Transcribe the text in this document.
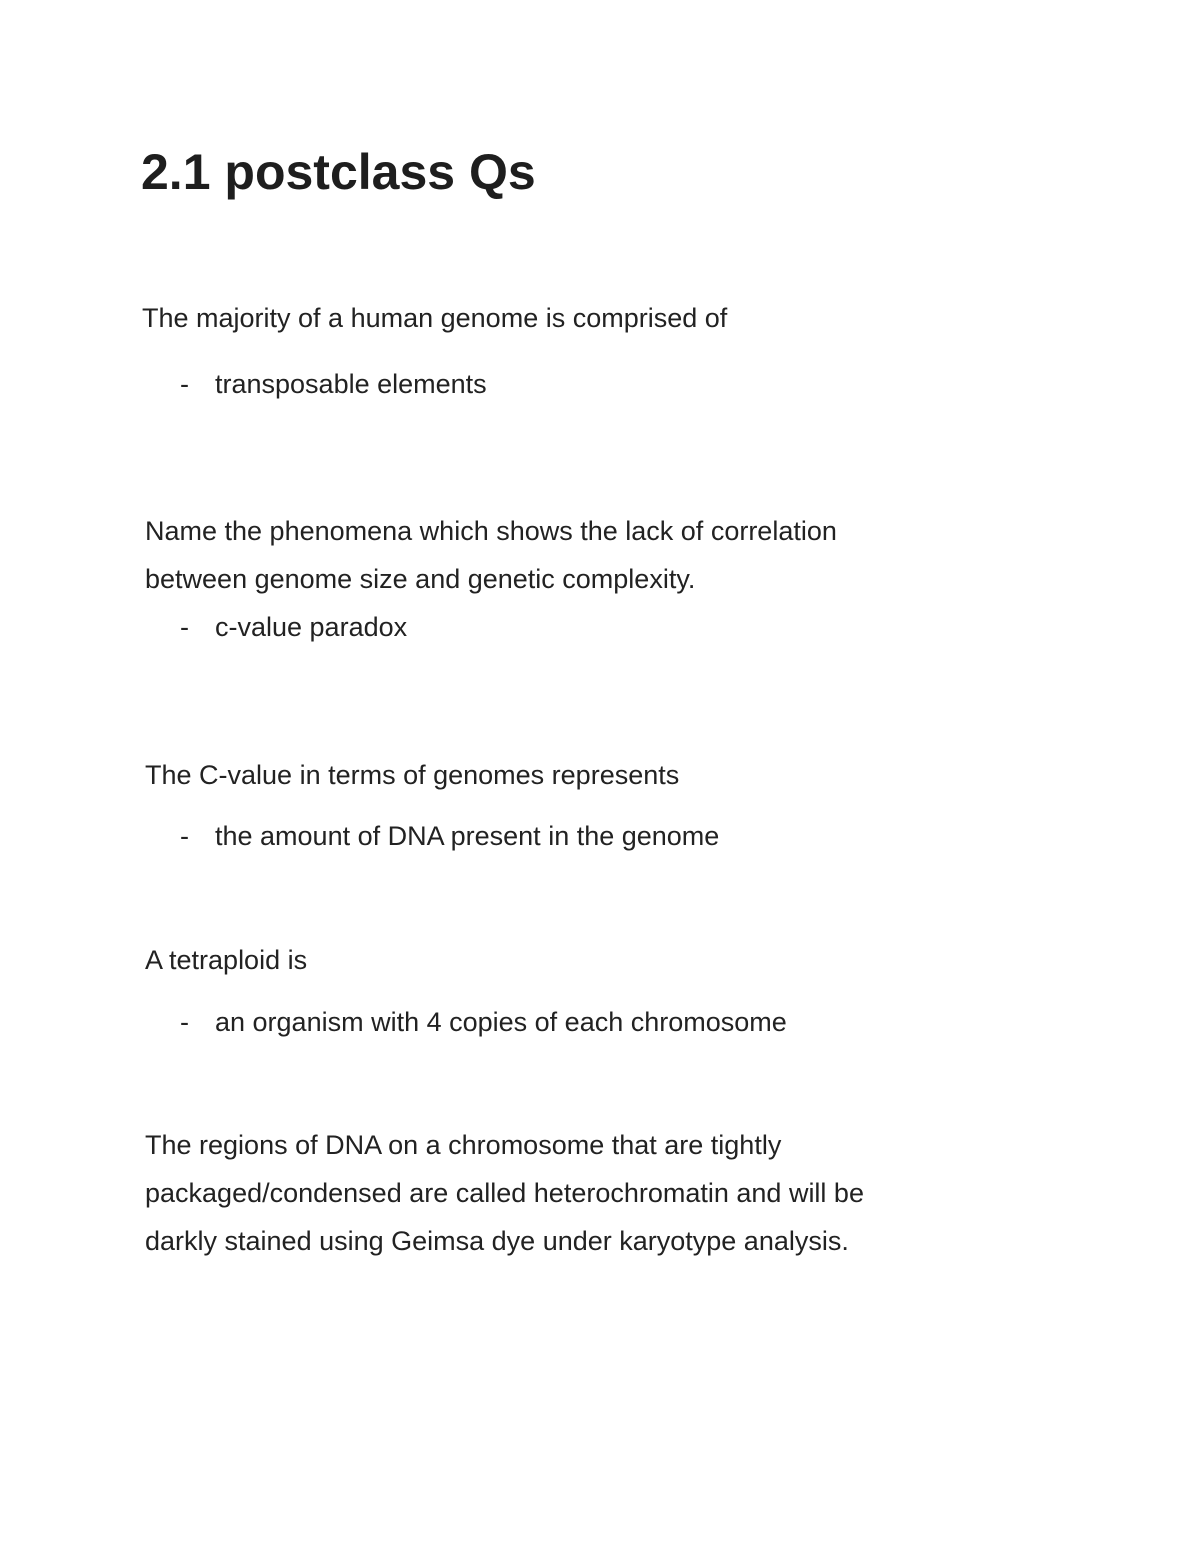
2.1 postclass Qs

The majority of a human genome is comprised of

- transposable elements

Name the phenomena which shows the lack of correlation

between genome size and genetic complexity.

- c-value paradox

The C-value in terms of genomes represents

- the amount of DNA present in the genome

A tetraploid is

- an organism with 4 copies of each chromosome

The regions of DNA on a chromosome that are tightly

packaged/condensed are called heterochromatin and will be

darkly stained using Geimsa dye under karyotype analysis.
